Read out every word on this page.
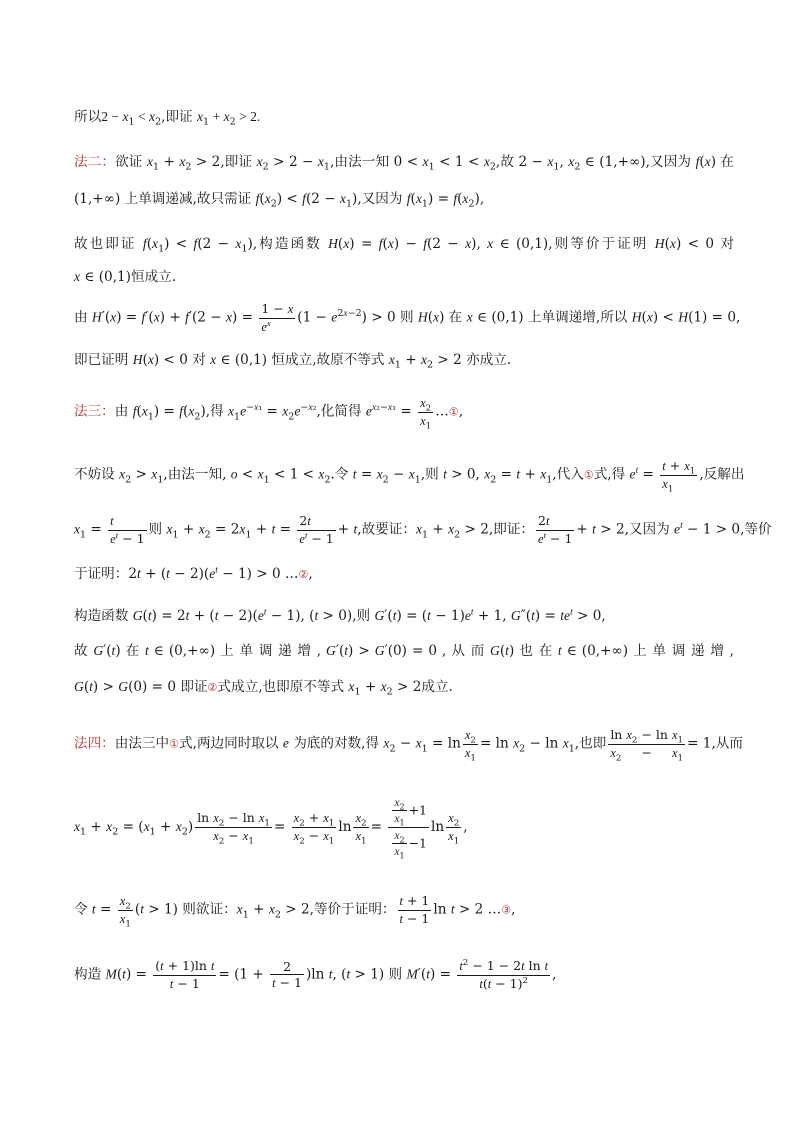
所以$2 - x_1 < x_2$,即证 $x_1 + x_2 > 2$.
法二：欲证 $x_1 + x_2 > 2$,即证 $x_2 > 2 - x_1$,由法一知 $0 < x_1 < 1 < x_2$,故 $2 - x_1$, $x_2$ ∈ (1,+∞),又因为 f(x) 在
(1,+∞) 上单调递减,故只需证 $f(x_2) < f(2 - x_1)$,又因为 $f(x_1) = f(x_2)$,
故也即证 $f(x_1) < f(2 - x_1)$,构造函数 H(x) = f(x) − f(2 − x), x ∈ (0,1),则等价于证明 H(x) < 0 对
x ∈ (0,1)恒成立.
由 $H'(x) = f'(x) + f'(2 - x) = \frac{1 - x}{e^x} (1 - e^{2x-2}) > 0$ 则 H(x) 在 x ∈ (0,1) 上单调递增,所以 H(x) < H(1) = 0,
即已证明 H(x) < 0 对 x ∈ (0,1) 恒成立,故原不等式 $x_1 + x_2 > 2$ 亦成立.
法三：由 $f(x_1) = f(x_2)$,得 $x_1e^{-x_1} = x_2e^{-x_2}$,化简得 $e^{x_2-x_1} = \frac{x_2}{x_1}$ …①,
不妨设 $x_2 > x_1$,由法一知, $o < x_1 < 1 < x_2$.令 $t = x_2 - x_1$,则 t > 0, $x_2 = t + x_1$,代入①式,得 $e^t = \frac{t + x_1}{x_1}$ ,反解出
$x_1 = \frac{t}{e^t - 1}$ 则 $x_1 + x_2 = 2x_1 + t = \frac{2t}{e^t - 1} + t$,故要证：$x_1 + x_2 > 2$,即证： $\frac{2t}{e^t - 1} + t > 2$,又因为 $e^t - 1 > 0$,等价
于证明：$2t + (t - 2)(e^t - 1) > 0$ …②,
构造函数 $G(t) = 2t + (t - 2)(e^t - 1)$, (t > 0),则 $G'(t) = (t - 1)e^t + 1$, $G''(t) = te^t > 0$,
故 G′(t) 在 t ∈ (0,+∞) 上 单 调 递 增 , G′(t) > G′(0) = 0 , 从 而 G(t) 也 在 t ∈ (0,+∞) 上 单 调 递 增 ,
G(t) > G(0) = 0 即证②式成立,也即原不等式 $x_1 + x_2 > 2$成立.
法四：由法三中①式,两边同时取以 e 为底的对数,得 $x_2 - x_1 = \ln \frac{x_2}{x_1} = \ln x_2 - \ln x_1$,也即 $\frac{\ln x_2 - \ln x_1}{x_2 - x_1} = 1$,从而
$x_1 + x_2 = (x_1 + x_2) \frac{\ln x_2 - \ln x_1}{x_2 - x_1} = \frac{x_2 + x_1}{x_2 - x_1}$ $\ln \frac{x_2}{x_1} = \frac{\frac{x_2}{x_1} +1}{\frac{x_2}{x_1} -1}$ $\ln \frac{x_2}{x_1}$ ,
令 $t = \frac{x_2}{x_1} (t > 1)$ 则欲证：$x_1 + x_2 > 2$,等价于证明： $\frac{t + 1}{t - 1}$ ln t > 2 …③,
构造 $M(t) = \frac{\text{(t + 1)ln t}}{t - 1} = (1 + \frac{2}{t - 1} )\ln$ t, (t > 1) 则 $M'(t) = \frac{t^2 - 1 - 2t \ln t}{t(t - 1)^2}$ ,
